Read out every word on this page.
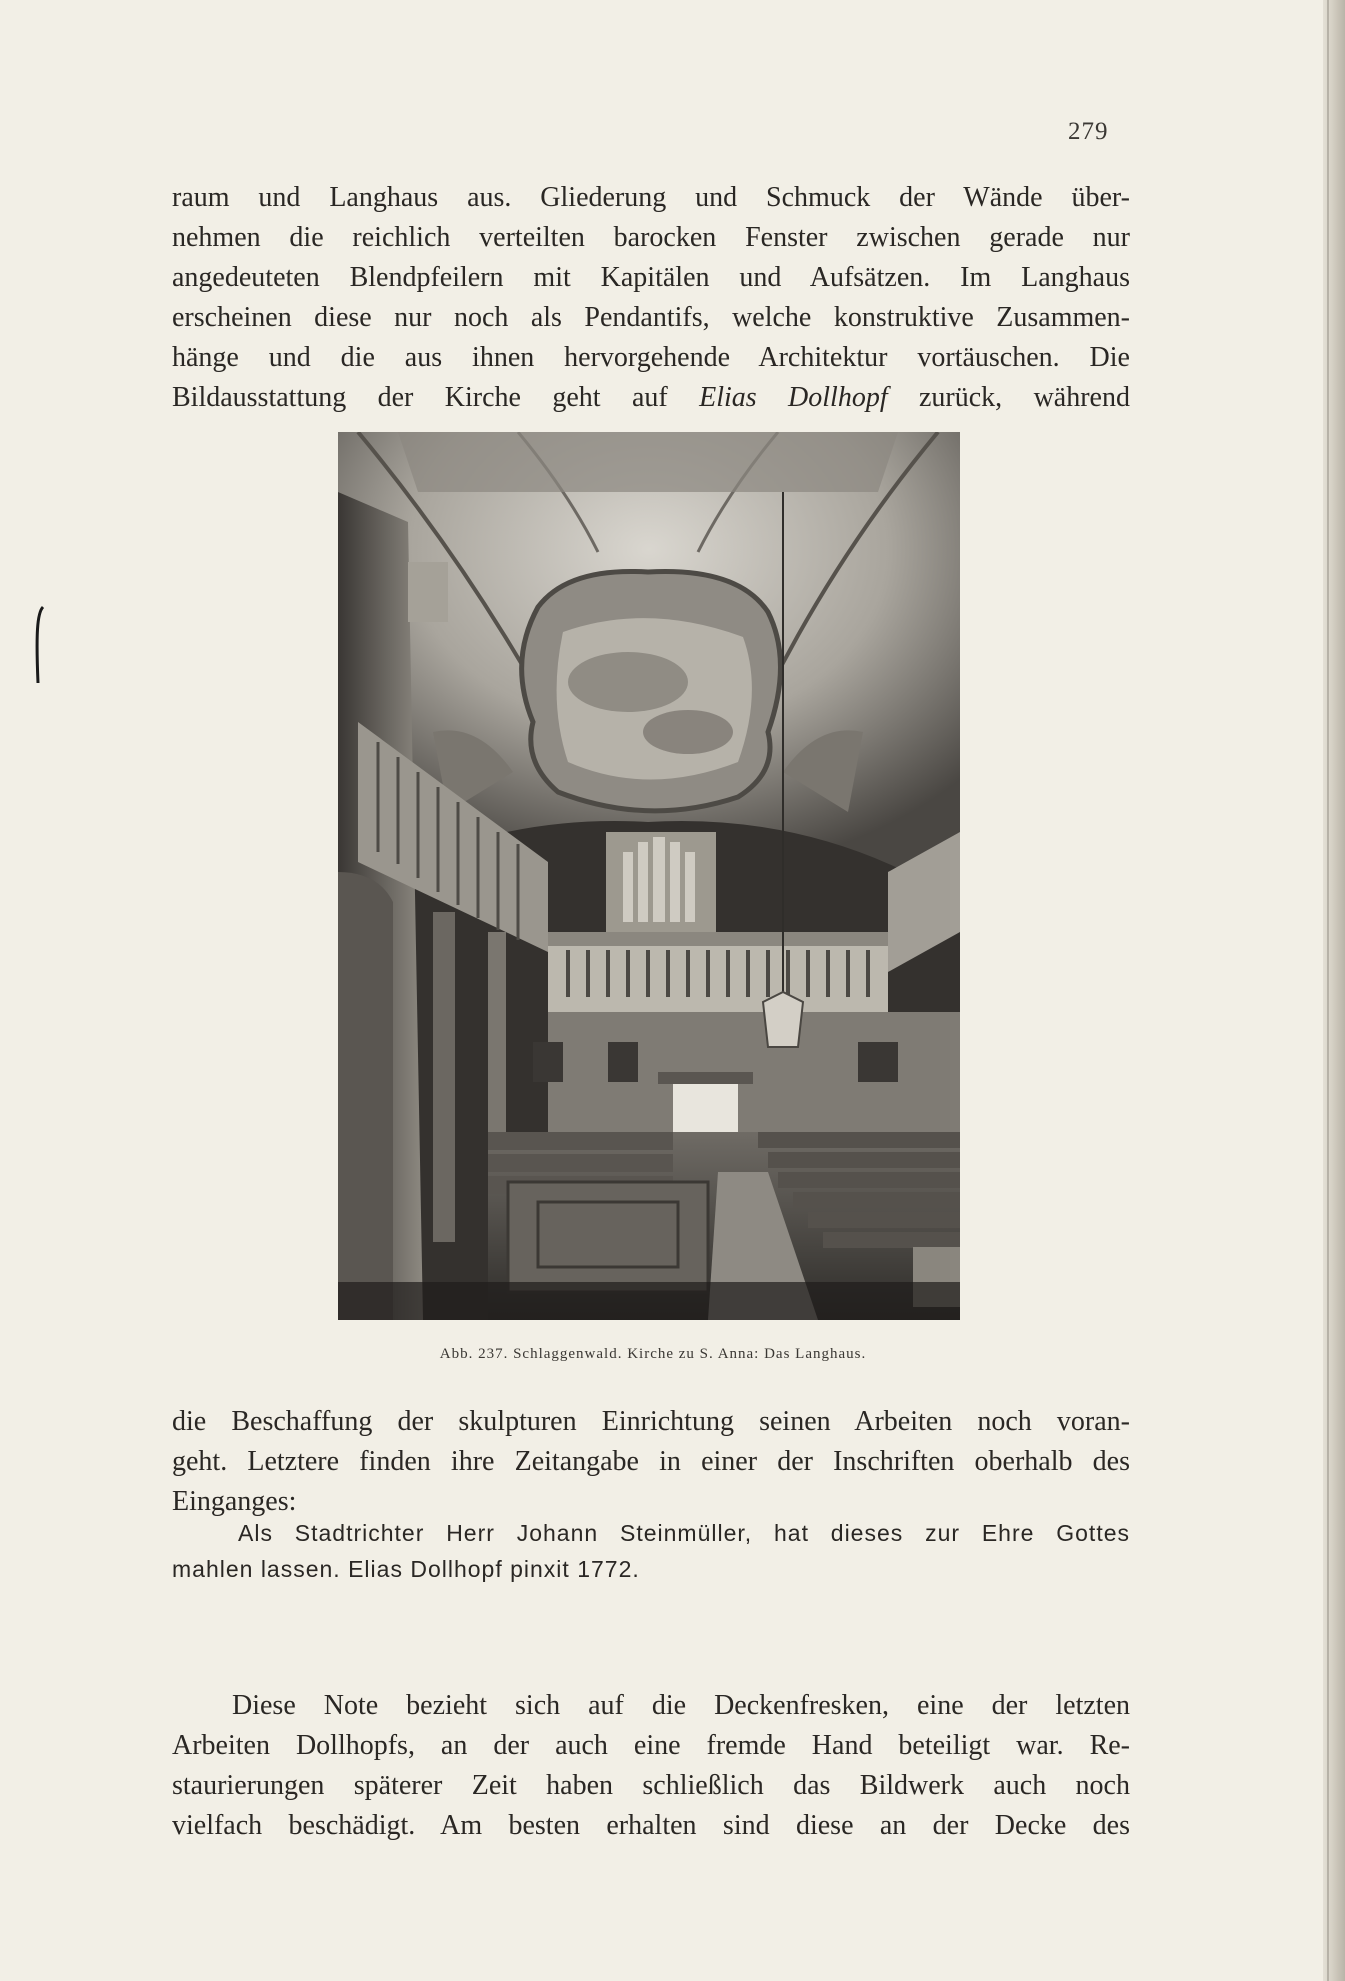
279
raum und Langhaus aus. Gliederung und Schmuck der Wände über-
nehmen die reichlich verteilten barocken Fenster zwischen gerade nur
angedeuteten Blendpfeilern mit Kapitälen und Aufsätzen. Im Langhaus
erscheinen diese nur noch als Pendantifs, welche konstruktive Zusammen-
hänge und die aus ihnen hervorgehende Architektur vortäuschen. Die
Bildausstattung der Kirche geht auf Elias Dollhopf zurück, während
Abb. 237. Schlaggenwald. Kirche zu S. Anna: Das Langhaus.
die Beschaffung der skulpturen Einrichtung seinen Arbeiten noch voran-
geht. Letztere finden ihre Zeitangabe in einer der Inschriften oberhalb des
Einganges:
Als Stadtrichter Herr Johann Steinmüller, hat dieses zur Ehre Gottes
mahlen lassen. Elias Dollhopf pinxit 1772.
Diese Note bezieht sich auf die Deckenfresken, eine der letzten
Arbeiten Dollhopfs, an der auch eine fremde Hand beteiligt war. Re-
staurierungen späterer Zeit haben schließlich das Bildwerk auch noch
vielfach beschädigt. Am besten erhalten sind diese an der Decke des
